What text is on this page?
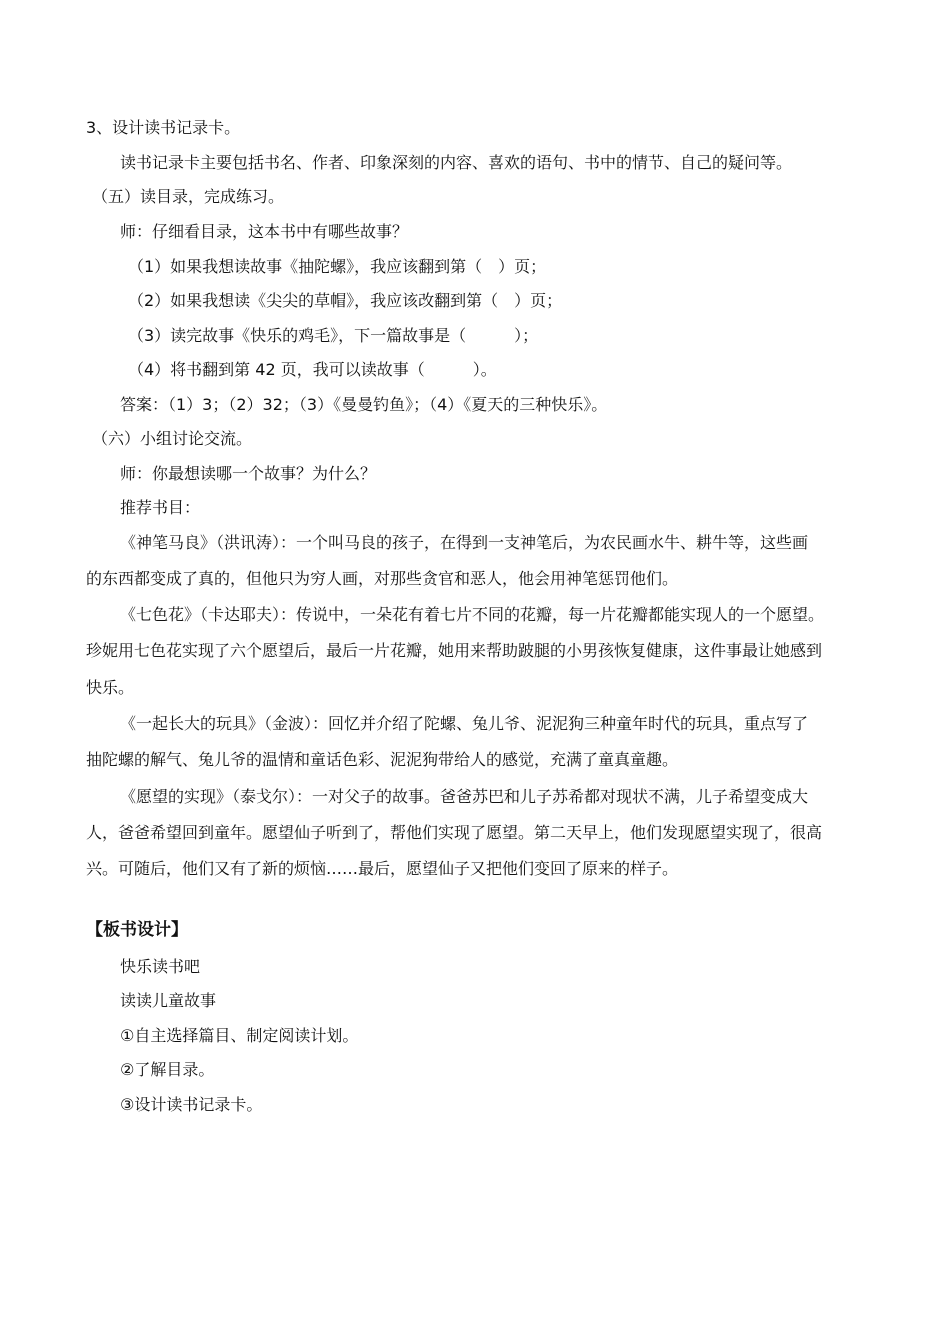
3、设计读书记录卡。
读书记录卡主要包括书名、作者、印象深刻的内容、喜欢的语句、书中的情节、自己的疑问等。
（五）读目录，完成练习。
师：仔细看目录，这本书中有哪些故事？
（1）如果我想读故事《抽陀螺》，我应该翻到第（　）页；
（2）如果我想读《尖尖的草帽》，我应该改翻到第（　）页；
（3）读完故事《快乐的鸡毛》，下一篇故事是（　　　）；
（4）将书翻到第 42 页，我可以读故事（　　　）。
答案：（1）3；（2）32；（3）《曼曼钓鱼》；（4）《夏天的三种快乐》。
（六）小组讨论交流。
师：你最想读哪一个故事？为什么？
推荐书目：
《神笔马良》（洪讯涛）：一个叫马良的孩子，在得到一支神笔后，为农民画水牛、耕牛等，这些画
的东西都变成了真的，但他只为穷人画，对那些贪官和恶人，他会用神笔惩罚他们。
《七色花》（卡达耶夫）：传说中，一朵花有着七片不同的花瓣，每一片花瓣都能实现人的一个愿望。
珍妮用七色花实现了六个愿望后，最后一片花瓣，她用来帮助跛腿的小男孩恢复健康，这件事最让她感到
快乐。
《一起长大的玩具》（金波）：回忆并介绍了陀螺、兔儿爷、泥泥狗三种童年时代的玩具，重点写了
抽陀螺的解气、兔儿爷的温情和童话色彩、泥泥狗带给人的感觉，充满了童真童趣。
《愿望的实现》（泰戈尔）：一对父子的故事。爸爸苏巴和儿子苏希都对现状不满，儿子希望变成大
人，爸爸希望回到童年。愿望仙子听到了，帮他们实现了愿望。第二天早上，他们发现愿望实现了，很高
兴。可随后，他们又有了新的烦恼……最后，愿望仙子又把他们变回了原来的样子。
【板书设计】
快乐读书吧
读读儿童故事
①自主选择篇目、制定阅读计划。
②了解目录。
③设计读书记录卡。
